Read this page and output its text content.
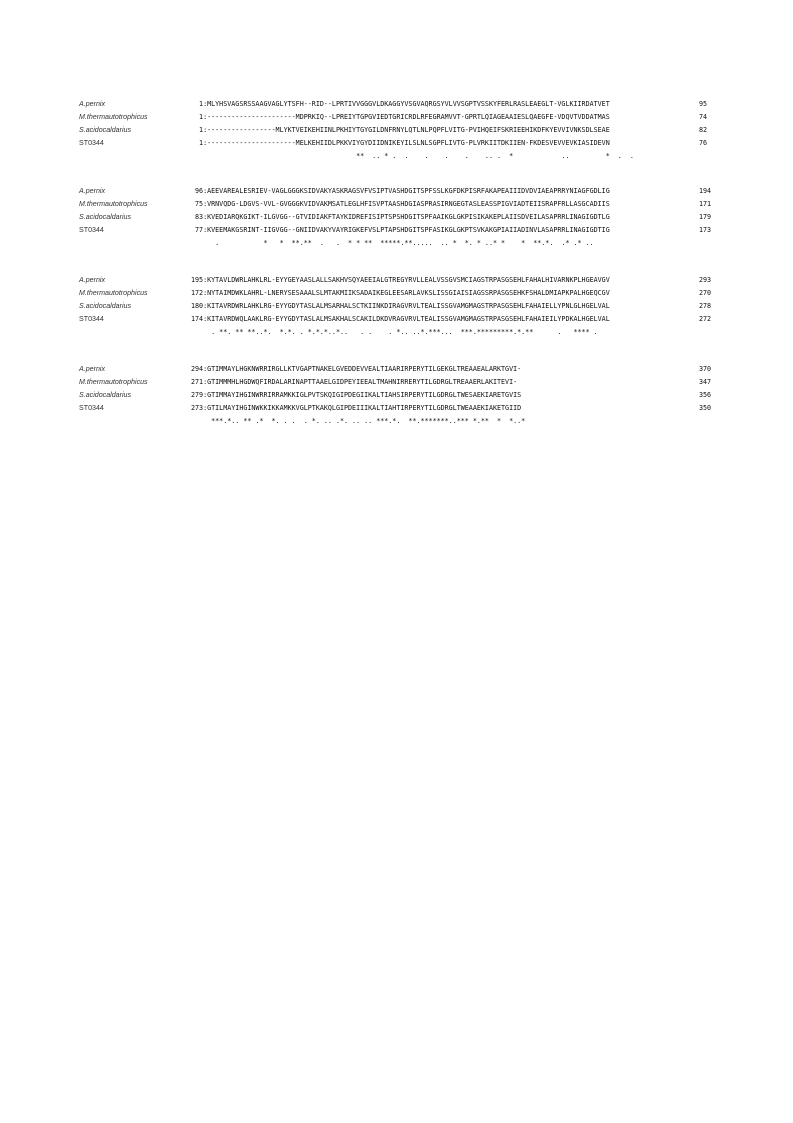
A.pernix	1:MLYHSVAGSRSSAAGVAGLYTSFH--RID--LPRTIVVGGGVLDKAGGYVSGVAQRGSYVLVVSGPTVSSKYFERLRASLEAEGLT-VGLKIIRDATVET	95
M.thermautotrophicus	1:----------------------MDPRKIQ--LPREIYTGPGVIEDTGRICRDLRFEGRAMVVT-GPRTLQIAGEAAIESLQAEGFE-VDQVTVDDATMAS	74
S.acidocaldarius	1:-----------------MLYKTVEIKEHIINLPKHIYTGYGILDNFRNYLQTLNLPQPFLVITG-PVIHQEIFSKRIEEHIKDFKYEVVIVNKSDLSEAE	82
ST0344	1:----------------------MELKEHIIDLPKKVIYGYDIIDNIKEYILSLNLSGPFLIVTG-PLVRKIITDKIIEN-FKDESVEVVEVKIASIDEVN	76
**  .. * .  .    .    .    .    .. .  *            ..         *  .  .
A.pernix	96:AEEVAREALESRIEV-VAGLGGGKSIDVAKYASKRAGSVFVSIPTVASHDGITSPFSSLKGFDKPISRFAKAPEAIIIDVDVIAEAPRRYNIAGFGDLIG	194
M.thermautotrophicus	75:VRNVQDG-LDGVS-VVL-GVGGGKVIDVAKMSATLEGLHFISVPTAASHDGIASPRASIRNGEGTASLEASSPIGVIADTEIISRAPFRLLASGCADIIS	171
S.acidocaldarius	83:KVEDIARQKGIKT-ILGVGG--GTVIDIAKFTAYKIDREFISIPTSPSHDGITSPFAAIKGLGKPISIKAKEPLAIISDVEILASAPRRLINAGIGDTLG	179
ST0344	77:KVEEMAKGSRINT-IIGVGG--GNIIDVAKYVAYRIGKEFVSLPTAPSHDGITSPFASIKGLGKPTSVKAKGPIAIIADINVLASAPRRLINAGIGDTIG	173
.           *   *  **.**  .   .  * * **  *****.**.....  .. *  *. * ..* *    *  **.*.  .* .* ..
A.pernix	195:KYTAVLDWRLAHKLRL-EYYGEYAASLALLSAKHVSQYAEEIALGTREGYRVLLEALVSSGVSMCIAGSTRPASGSEHLFAHALHIVARNKPLHGEAVGV	293
M.thermautotrophicus	172:NYTAIMDWKLAHRL-LNERYSESAAALSLMTAKMIIKSADAIKEGLEESARLAVKSLISSGIAISIAGSSRPASGSEHKFSHALDMIAPKPALHGEQCGV	270
S.acidocaldarius	180:KITAVRDWRLAHKLRG-EYYGDYTASLALMSARHALSCTKIINKDIRAGVRVLTEALISSGVAMGMAGSTRPASGSEHLFAHAIELLYPNLGLHGELVAL	278
ST0344	174:KITAVRDWQLAAKLRG-EYYGDYTASLALMSAKHALSCAKILDKDVRAGVRVLTEALISSGVAMGMAGSTRPASGSEHLFAHAIEILYPDKALHGELVAL	272
. **. ** **..*.  *.*. . *.*.*..*..   . .    . *.. ..*.***...  ***.*********.*.**      .   **** .
A.pernix	294:GTIMMAYLHGKNWRRIRGLLKTVGAPTNAKELGVEDDEVVEALTIAARIRPERYTILGEKGLTREAAEALARKTGVI-	370
M.thermautotrophicus	271:GTIMMMHLHGDWQFIRDALARINAPTTAAELGIDPEYIEEALTMAHNIRRERYTILGDRGLTREAAERLAKITEVI-	347
S.acidocaldarius	279:GTIMMAYIHGINWRRIRRAMKKIGLPVTSKQIGIPDEGIIKALTIAHSIRPERYTILGDRGLTWESAEKIARETGVIS	356
ST0344	273:GTILMAYIHGINWKKIKKAMKKVGLPTKAKQLGIPDEIIIKALTIAHTIRPERYTILGDRGLTWEAAEKIAKETGIID	350
***.*.. ** .*  *. . .  . *. .. .*. .. .. ***.*.  **.*******..*** *.**  *  *..*
